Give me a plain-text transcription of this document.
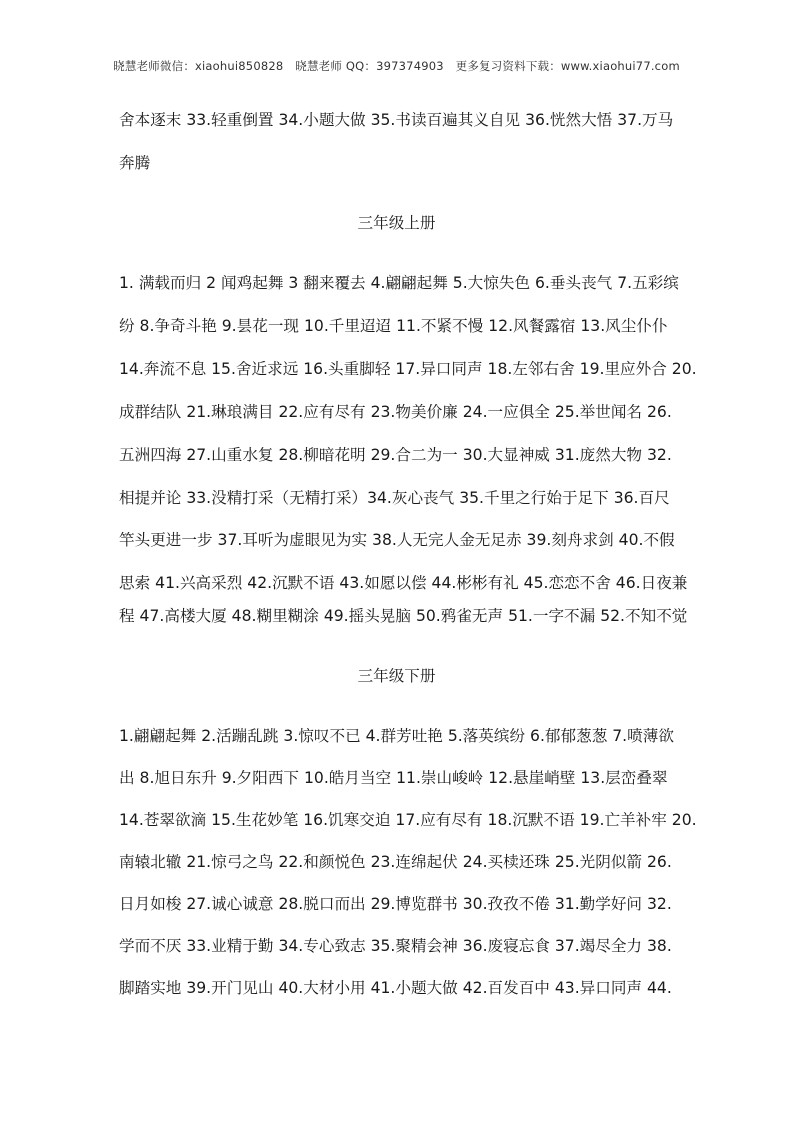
晓慧老师微信：xiaohui850828 晓慧老师 QQ：397374903 更多复习资料下载：www.xiaohui77.com
舍本逐末 33.轻重倒置 34.小题大做 35.书读百遍其义自见 36.恍然大悟 37.万马
奔腾
三年级上册
1. 满载而归 2 闻鸡起舞 3 翻来覆去 4.翩翩起舞 5.大惊失色 6.垂头丧气 7.五彩缤
纷 8.争奇斗艳 9.昙花一现 10.千里迢迢 11.不紧不慢 12.风餐露宿 13.风尘仆仆
14.奔流不息 15.舍近求远 16.头重脚轻 17.异口同声 18.左邻右舍 19.里应外合 20.
成群结队 21.琳琅满目 22.应有尽有 23.物美价廉 24.一应俱全 25.举世闻名 26.
五洲四海 27.山重水复 28.柳暗花明 29.合二为一 30.大显神威 31.庞然大物 32.
相提并论 33.没精打采（无精打采）34.灰心丧气 35.千里之行始于足下 36.百尺
竿头更进一步 37.耳听为虚眼见为实 38.人无完人金无足赤 39.刻舟求剑 40.不假
思索 41.兴高采烈 42.沉默不语 43.如愿以偿 44.彬彬有礼 45.恋恋不舍 46.日夜兼
程 47.高楼大厦 48.糊里糊涂 49.摇头晃脑 50.鸦雀无声 51.一字不漏 52.不知不觉
三年级下册
1.翩翩起舞 2.活蹦乱跳 3.惊叹不已 4.群芳吐艳 5.落英缤纷 6.郁郁葱葱 7.喷薄欲
出 8.旭日东升 9.夕阳西下 10.皓月当空 11.崇山峻岭 12.悬崖峭壁 13.层峦叠翠
14.苍翠欲滴 15.生花妙笔 16.饥寒交迫 17.应有尽有 18.沉默不语 19.亡羊补牢 20.
南辕北辙 21.惊弓之鸟 22.和颜悦色 23.连绵起伏 24.买椟还珠 25.光阴似箭 26.
日月如梭 27.诚心诚意 28.脱口而出 29.博览群书 30.孜孜不倦 31.勤学好问 32.
学而不厌 33.业精于勤 34.专心致志 35.聚精会神 36.废寝忘食 37.竭尽全力 38.
脚踏实地 39.开门见山 40.大材小用 41.小题大做 42.百发百中 43.异口同声 44.
